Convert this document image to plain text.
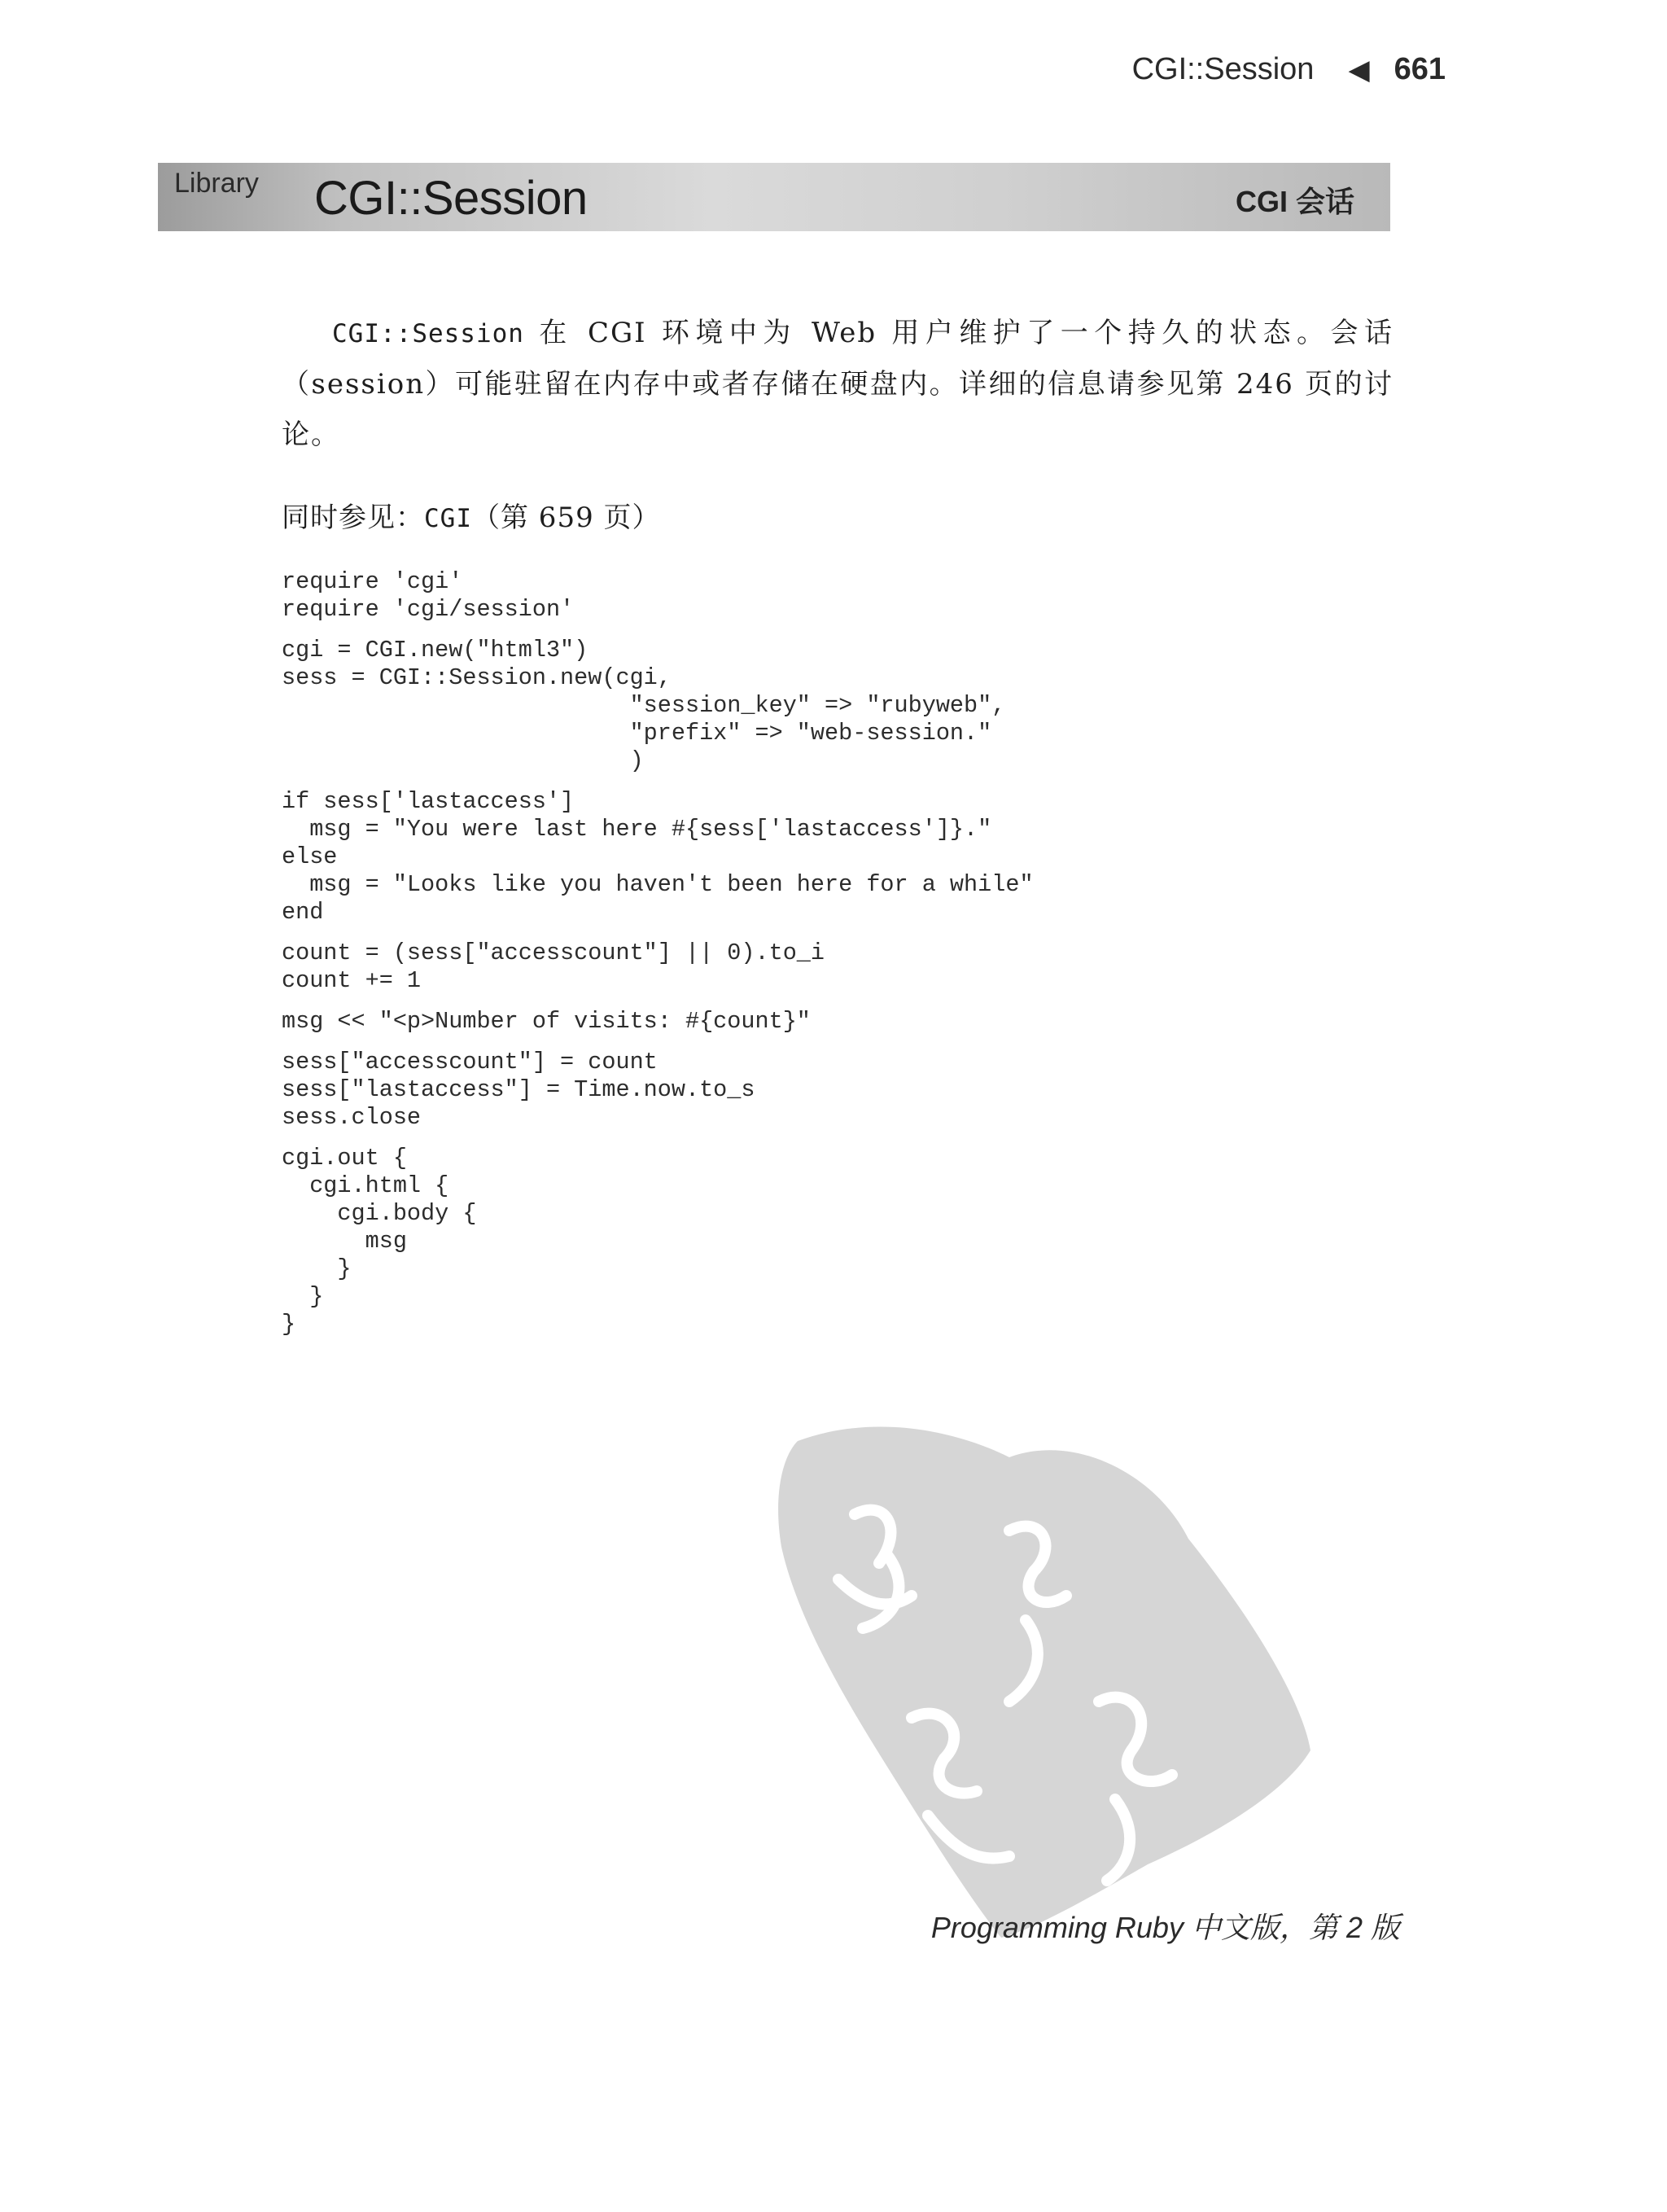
CGI::Session ◀ 661
Library CGI::Session	CGI 会话

CGI::Session 在 CGI 环境中为 Web 用户维护了一个持久的状态。会话（session）可能驻留在内存中或者存储在硬盘内。详细的信息请参见第 246 页的讨论。

同时参见：CGI（第 659 页）
require 'cgi'
require 'cgi/session'
cgi = CGI.new("html3")
sess = CGI::Session.new(cgi,
"session_key" => "rubyweb",
"prefix" => "web-session."
)
if sess['lastaccess']
msg = "You were last here #{sess['lastaccess']}."
else
msg = "Looks like you haven't been here for a while"
end
count = (sess["accesscount"] || 0).to_i
count += 1
msg << "<p>Number of visits: #{count}"
sess["accesscount"] = count
sess["lastaccess"] = Time.now.to_s
sess.close
cgi.out {
cgi.html {
cgi.body {
msg
}
}
}
Programming Ruby 中文版，第 2 版
